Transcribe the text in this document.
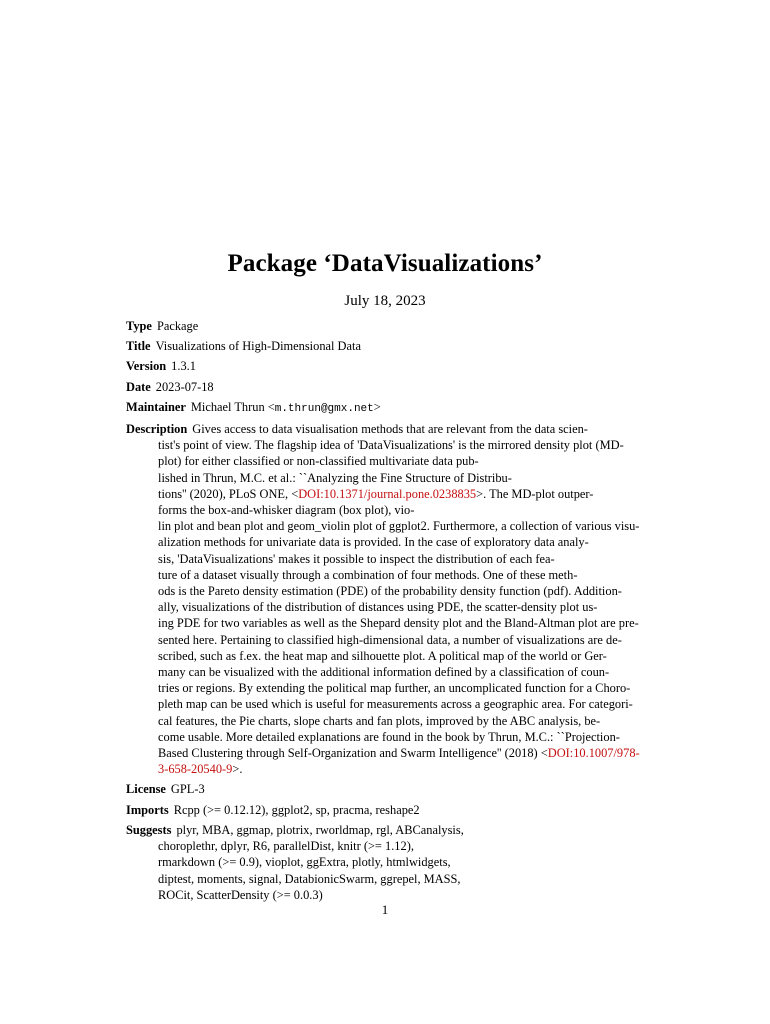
Package ‘DataVisualizations’
July 18, 2023
Type Package
Title Visualizations of High-Dimensional Data
Version 1.3.1
Date 2023-07-18
Maintainer Michael Thrun <m.thrun@gmx.net>
Description Gives access to data visualisation methods that are relevant from the data scien-
tist's point of view. The flagship idea of 'DataVisualizations' is the mirrored density plot (MD-
plot) for either classified or non-classified multivariate data pub-
lished in Thrun, M.C. et al.: ``Analyzing the Fine Structure of Distribu-
tions'' (2020), PLoS ONE, <DOI:10.1371/journal.pone.0238835>. The MD-plot outper-
forms the box-and-whisker diagram (box plot), vio-
lin plot and bean plot and geom_violin plot of ggplot2. Furthermore, a collection of various visu-
alization methods for univariate data is provided. In the case of exploratory data analy-
sis, 'DataVisualizations' makes it possible to inspect the distribution of each fea-
ture of a dataset visually through a combination of four methods. One of these meth-
ods is the Pareto density estimation (PDE) of the probability density function (pdf). Addition-
ally, visualizations of the distribution of distances using PDE, the scatter-density plot us-
ing PDE for two variables as well as the Shepard density plot and the Bland-Altman plot are pre-
sented here. Pertaining to classified high-dimensional data, a number of visualizations are de-
scribed, such as f.ex. the heat map and silhouette plot. A political map of the world or Ger-
many can be visualized with the additional information defined by a classification of coun-
tries or regions. By extending the political map further, an uncomplicated function for a Choro-
pleth map can be used which is useful for measurements across a geographic area. For categori-
cal features, the Pie charts, slope charts and fan plots, improved by the ABC analysis, be-
come usable. More detailed explanations are found in the book by Thrun, M.C.: ``Projection-
Based Clustering through Self-Organization and Swarm Intelligence'' (2018) <DOI:10.1007/978-
3-658-20540-9>.
License GPL-3
Imports Rcpp (>= 0.12.12), ggplot2, sp, pracma, reshape2
Suggests plyr, MBA, ggmap, plotrix, rworldmap, rgl, ABCanalysis,
choroplethr, dplyr, R6, parallelDist, knitr (>= 1.12),
rmarkdown (>= 0.9), vioplot, ggExtra, plotly, htmlwidgets,
diptest, moments, signal, DatabionicSwarm, ggrepel, MASS,
ROCit, ScatterDensity (>= 0.0.3)
1
